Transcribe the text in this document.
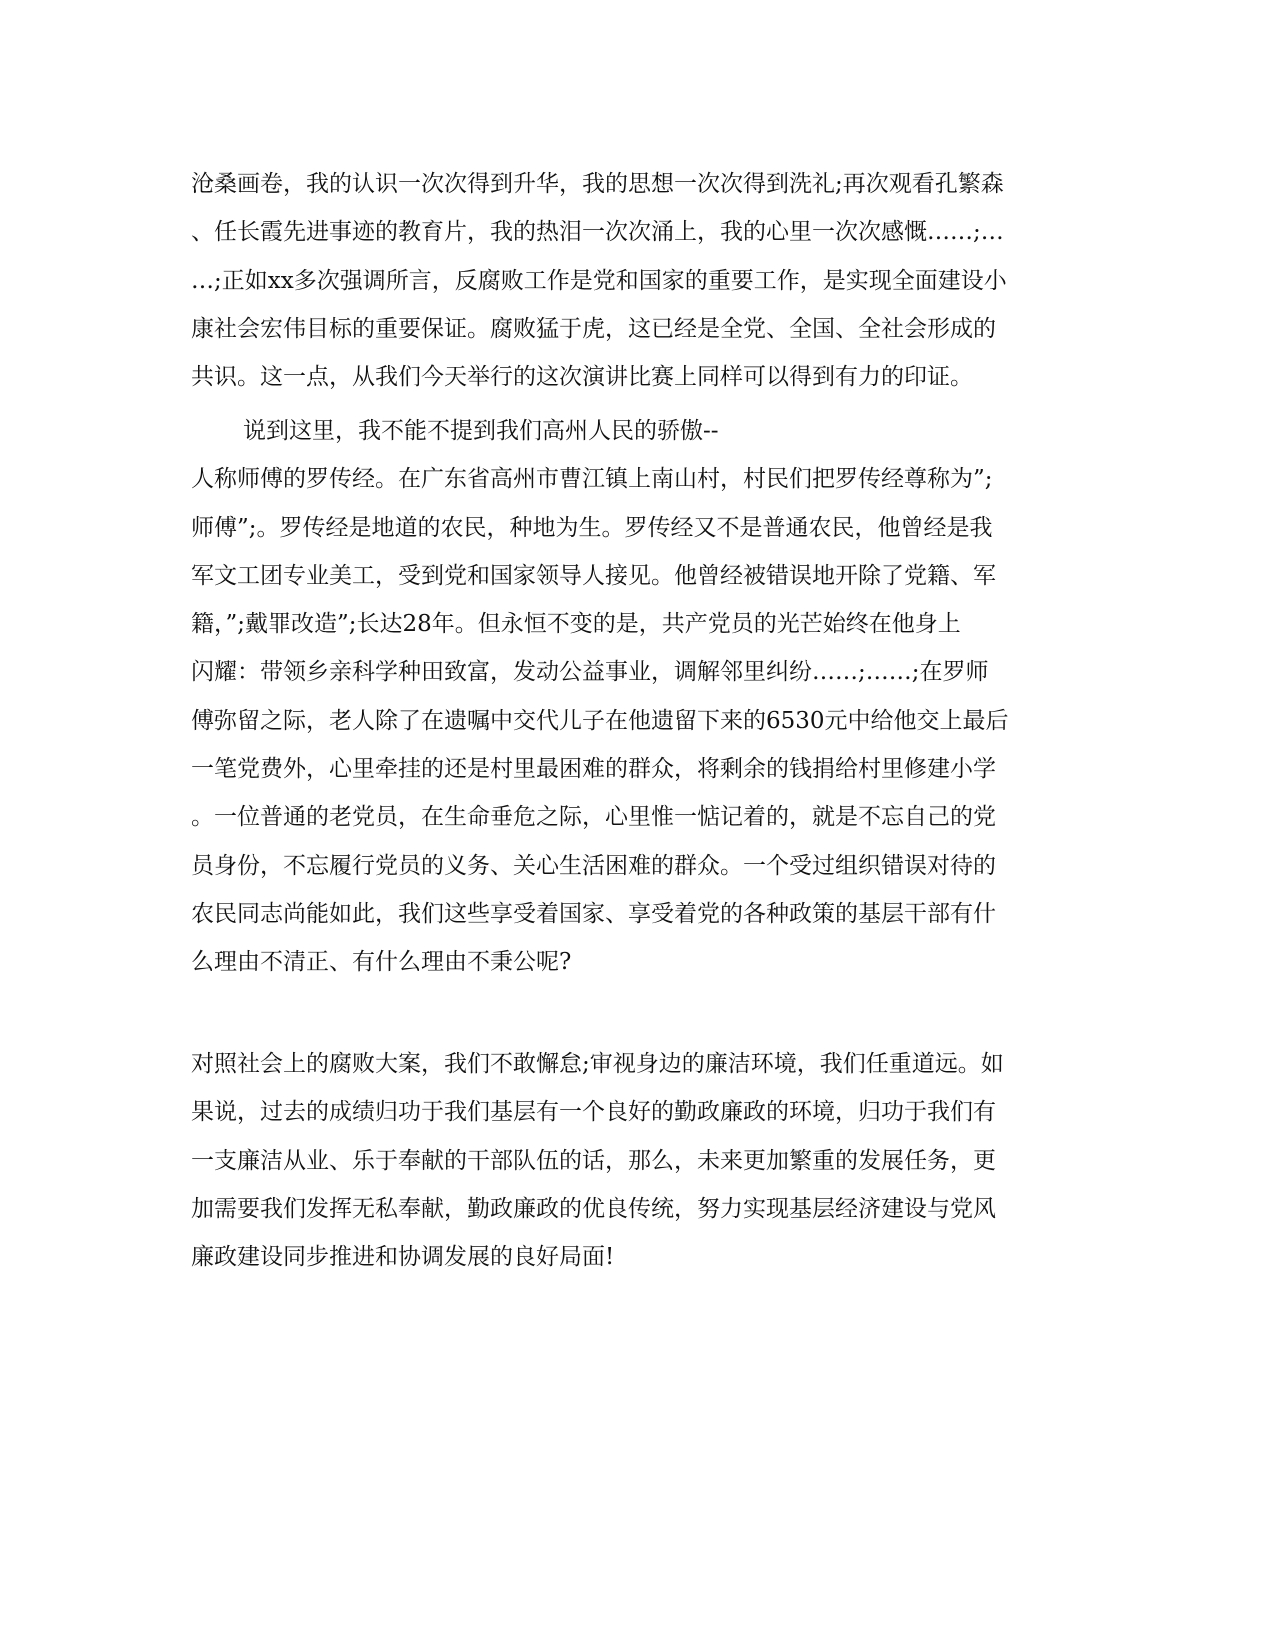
沧桑画卷，我的认识一次次得到升华，我的思想一次次得到洗礼;再次观看孔繁森
、任长霞先进事迹的教育片，我的热泪一次次涌上，我的心里一次次感慨……;…
…;正如xx多次强调所言，反腐败工作是党和国家的重要工作，是实现全面建设小
康社会宏伟目标的重要保证。腐败猛于虎，这已经是全党、全国、全社会形成的
共识。这一点，从我们今天举行的这次演讲比赛上同样可以得到有力的印证。
说到这里，我不能不提到我们高州人民的骄傲--
人称师傅的罗传经。在广东省高州市曹江镇上南山村，村民们把罗传经尊称为”;
师傅”;。罗传经是地道的农民，种地为生。罗传经又不是普通农民，他曾经是我
军文工团专业美工，受到党和国家领导人接见。他曾经被错误地开除了党籍、军
籍，”;戴罪改造”;长达28年。但永恒不变的是，共产党员的光芒始终在他身上
闪耀：带领乡亲科学种田致富，发动公益事业，调解邻里纠纷……;……;在罗师
傅弥留之际，老人除了在遗嘱中交代儿子在他遗留下来的6530元中给他交上最后
一笔党费外，心里牵挂的还是村里最困难的群众，将剩余的钱捐给村里修建小学
。一位普通的老党员，在生命垂危之际，心里惟一惦记着的，就是不忘自己的党
员身份，不忘履行党员的义务、关心生活困难的群众。一个受过组织错误对待的
农民同志尚能如此，我们这些享受着国家、享受着党的各种政策的基层干部有什
么理由不清正、有什么理由不秉公呢?
对照社会上的腐败大案，我们不敢懈怠;审视身边的廉洁环境，我们任重道远。如
果说，过去的成绩归功于我们基层有一个良好的勤政廉政的环境，归功于我们有
一支廉洁从业、乐于奉献的干部队伍的话，那么，未来更加繁重的发展任务，更
加需要我们发挥无私奉献，勤政廉政的优良传统，努力实现基层经济建设与党风
廉政建设同步推进和协调发展的良好局面!
